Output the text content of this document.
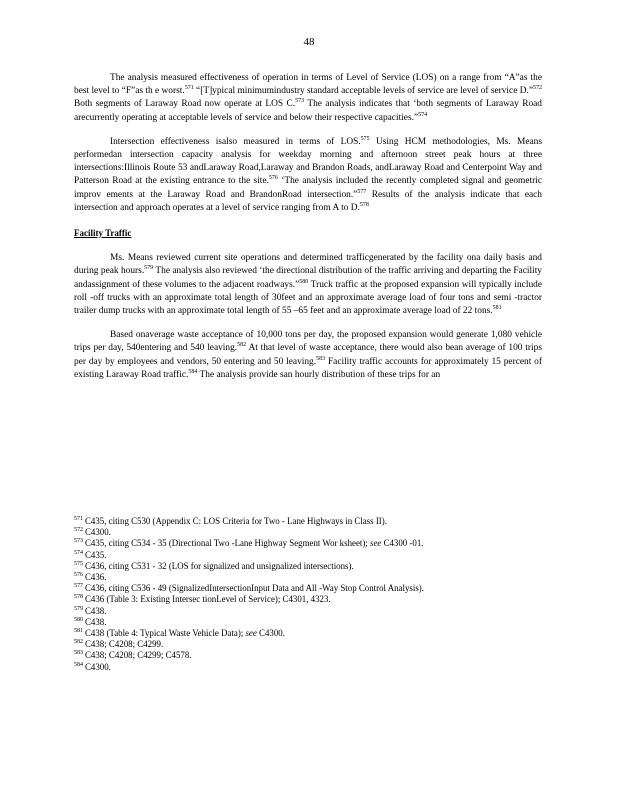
48

The analysis measured effectiveness of operation in terms of Level of Service (LOS) on a range from “A”as the best level to “F”as th e worst.$^{571}$ “[T]ypical minimumindustry standard acceptable levels of service are level of service D.”$^{572}$ Both segments of Laraway Road now operate at LOS C.$^{573}$ The analysis indicates that ‘both segments of Laraway Road arecurrently operating at acceptable levels of service and below their respective capacities.”$^{574}$

Intersection effectiveness isalso measured in terms of LOS.$^{575}$ Using HCM methodologies, Ms. Means performedan intersection capacity analysis for weekday morning and afternoon street peak hours at three intersections:Illinois Route 53 andLaraway Road,Laraway and Brandon Roads, andLaraway Road and Centerpoint Way and Patterson Road at the existing entrance to the site.$^{576}$ ‘The analysis included the recently completed signal and geometric improv ements at the Laraway Road and BrandonRoad intersection.”$^{577}$ Results of the analysis indicate that each intersection and approach operates at a level of service ranging from A to D.$^{578}$

Facility Traffic

Ms. Means reviewed current site operations and determined trafficgenerated by the facility ona daily basis and during peak hours.$^{579}$ The analysis also reviewed ‘the directional distribution of the traffic arriving and departing the Facility andassignment of these volumes to the adjacent roadways.”$^{580}$ Truck traffic at the proposed expansion will typically include roll -off trucks with an approximate total length of 30feet and an approximate average load of four tons and semi -tractor trailer dump trucks with an approximate total length of 55 –65 feet and an approximate average load of 22 tons.$^{581}$

Based onaverage waste acceptance of 10,000 tons per day, the proposed expansion would generate 1,080 vehicle trips per day, 540entering and 540 leaving.$^{582}$ At that level of waste acceptance, there would also bean average of 100 trips per day by employees and vendors, 50 entering and 50 leaving.$^{583}$ Facility traffic accounts for approximately 15 percent of existing Laraway Road traffic.$^{584}$ The analysis provide san hourly distribution of these trips for an

$^{571}$ C435, citing C530 (Appendix C: LOS Criteria for Two - Lane Highways in Class II).

$^{572}$ C4300.

$^{573}$ C435, citing C534 - 35 (Directional Two -Lane Highway Segment Wor ksheet); see C4300 -01.

$^{574}$ C435.

$^{575}$ C436, citing C531 - 32 (LOS for signalized and unsignalized intersections).

$^{576}$ C436.

$^{577}$ C436, citing C536 - 49 (SignalizedIntersectionInput Data and All -Way Stop Control Analysis).

$^{578}$ C436 (Table 3: Existing Intersec tionLevel of Service); C4301, 4323.

$^{579}$ C438.

$^{580}$ C438.

$^{581}$ C438 (Table 4: Typical Waste Vehicle Data); see C4300.

$^{582}$ C438; C4208; C4299.

$^{583}$ C438; C4208; C4299; C4578.

$^{584}$ C4300.
